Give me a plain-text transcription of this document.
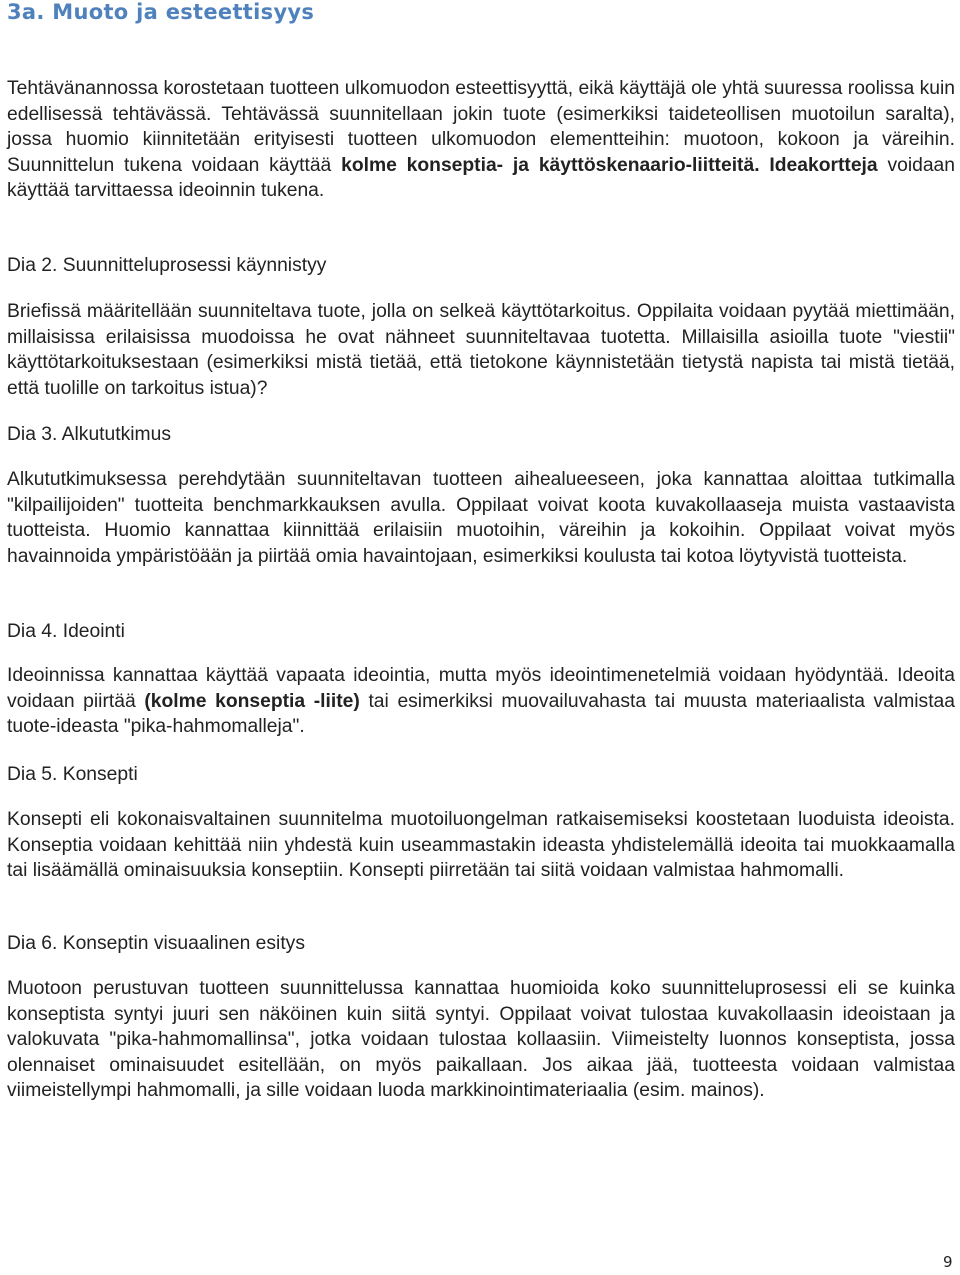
3a. Muoto ja esteettisyys

Tehtävänannossa korostetaan tuotteen ulkomuodon esteettisyyttä, eikä käyttäjä ole yhtä suuressa roolissa kuin edellisessä tehtävässä. Tehtävässä suunnitellaan jokin tuote (esimerkiksi taideteollisen muotoilun saralta), jossa huomio kiinnitetään erityisesti tuotteen ulkomuodon elementteihin: muotoon, kokoon ja väreihin. Suunnittelun tukena voidaan käyttää kolme konseptia- ja käyttöskenaario-liitteitä. Ideakortteja voidaan käyttää tarvittaessa ideoinnin tukena.

Dia 2. Suunnitteluprosessi käynnistyy

Briefissä määritellään suunniteltava tuote, jolla on selkeä käyttötarkoitus. Oppilaita voidaan pyytää miettimään, millaisissa erilaisissa muodoissa he ovat nähneet suunniteltavaa tuotetta. Millaisilla asioilla tuote "viestii" käyttötarkoituksestaan (esimerkiksi mistä tietää, että tietokone käynnistetään tietystä napista tai mistä tietää, että tuolille on tarkoitus istua)?

Dia 3. Alkututkimus

Alkututkimuksessa perehdytään suunniteltavan tuotteen aihealueeseen, joka kannattaa aloittaa tutkimalla "kilpailijoiden" tuotteita benchmarkkauksen avulla. Oppilaat voivat koota kuvakollaaseja muista vastaavista tuotteista. Huomio kannattaa kiinnittää erilaisiin muotoihin, väreihin ja kokoihin. Oppilaat voivat myös havainnoida ympäristöään ja piirtää omia havaintojaan, esimerkiksi koulusta tai kotoa löytyvistä tuotteista.

Dia 4. Ideointi

Ideoinnissa kannattaa käyttää vapaata ideointia, mutta myös ideointimenetelmiä voidaan hyödyntää. Ideoita voidaan piirtää (kolme konseptia -liite) tai esimerkiksi muovailuvahasta tai muusta materiaalista valmistaa tuote-ideasta "pika-hahmomalleja".

Dia 5. Konsepti

Konsepti eli kokonaisvaltainen suunnitelma muotoiluongelman ratkaisemiseksi koostetaan luoduista ideoista. Konseptia voidaan kehittää niin yhdestä kuin useammastakin ideasta yhdistelemällä ideoita tai muokkaamalla tai lisäämällä ominaisuuksia konseptiin. Konsepti piirretään tai siitä voidaan valmistaa hahmomalli.

Dia 6. Konseptin visuaalinen esitys

Muotoon perustuvan tuotteen suunnittelussa kannattaa huomioida koko suunnitteluprosessi eli se kuinka konseptista syntyi juuri sen näköinen kuin siitä syntyi. Oppilaat voivat tulostaa kuvakollaasin ideoistaan ja valokuvata "pika-hahmomallinsa", jotka voidaan tulostaa kollaasiin. Viimeistelty luonnos konseptista, jossa olennaiset ominaisuudet esitellään, on myös paikallaan. Jos aikaa jää, tuotteesta voidaan valmistaa viimeistellympi hahmomalli, ja sille voidaan luoda markkinointimateriaalia (esim. mainos).

9
